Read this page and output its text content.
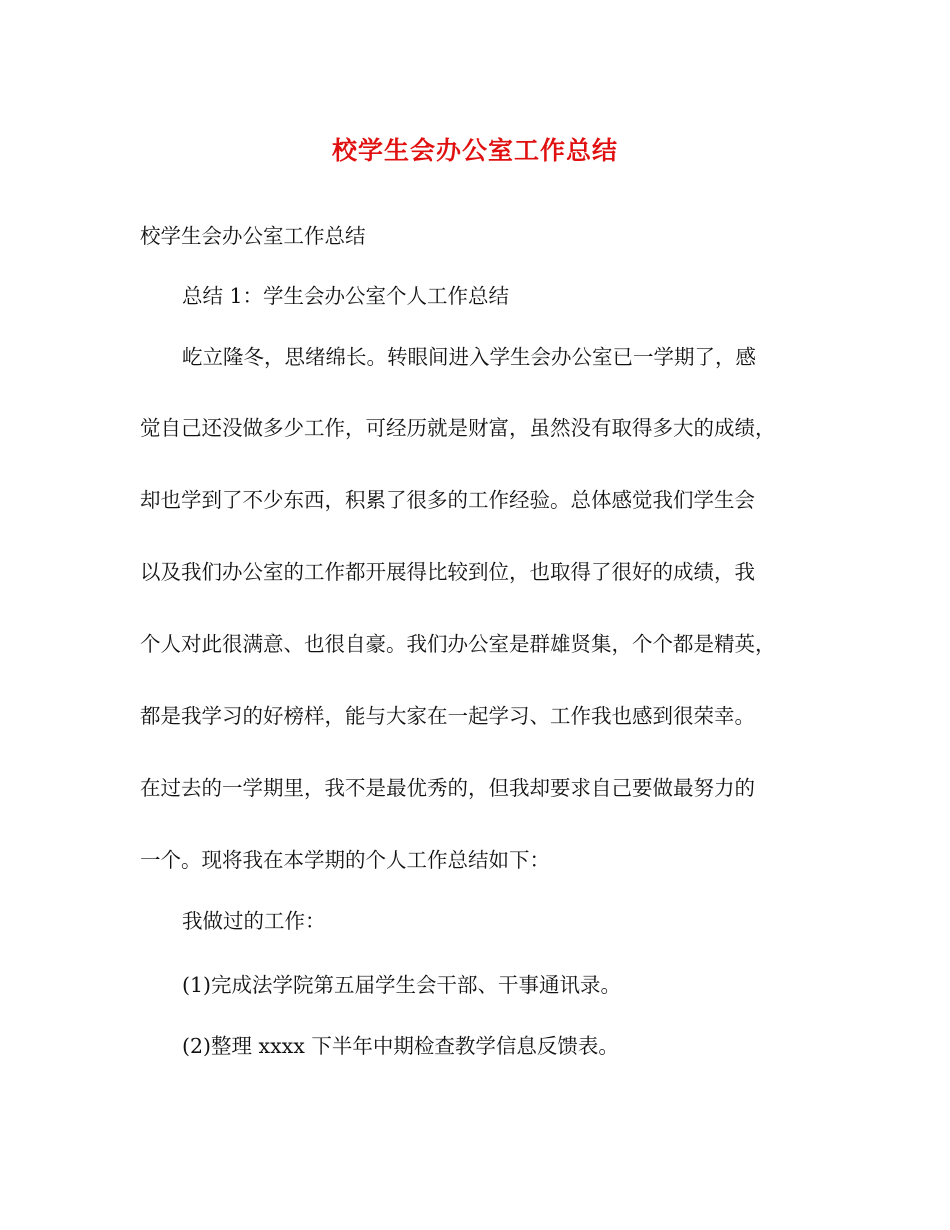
校学生会办公室工作总结
校学生会办公室工作总结
总结 1：学生会办公室个人工作总结
屹立隆冬，思绪绵长。转眼间进入学生会办公室已一学期了，感
觉自己还没做多少工作，可经历就是财富，虽然没有取得多大的成绩，
却也学到了不少东西，积累了很多的工作经验。总体感觉我们学生会
以及我们办公室的工作都开展得比较到位，也取得了很好的成绩，我
个人对此很满意、也很自豪。我们办公室是群雄贤集，个个都是精英，
都是我学习的好榜样，能与大家在一起学习、工作我也感到很荣幸。
在过去的一学期里，我不是最优秀的，但我却要求自己要做最努力的
一个。现将我在本学期的个人工作总结如下：
我做过的工作：
(1)完成法学院第五届学生会干部、干事通讯录。
(2)整理 xxxx 下半年中期检查教学信息反馈表。
